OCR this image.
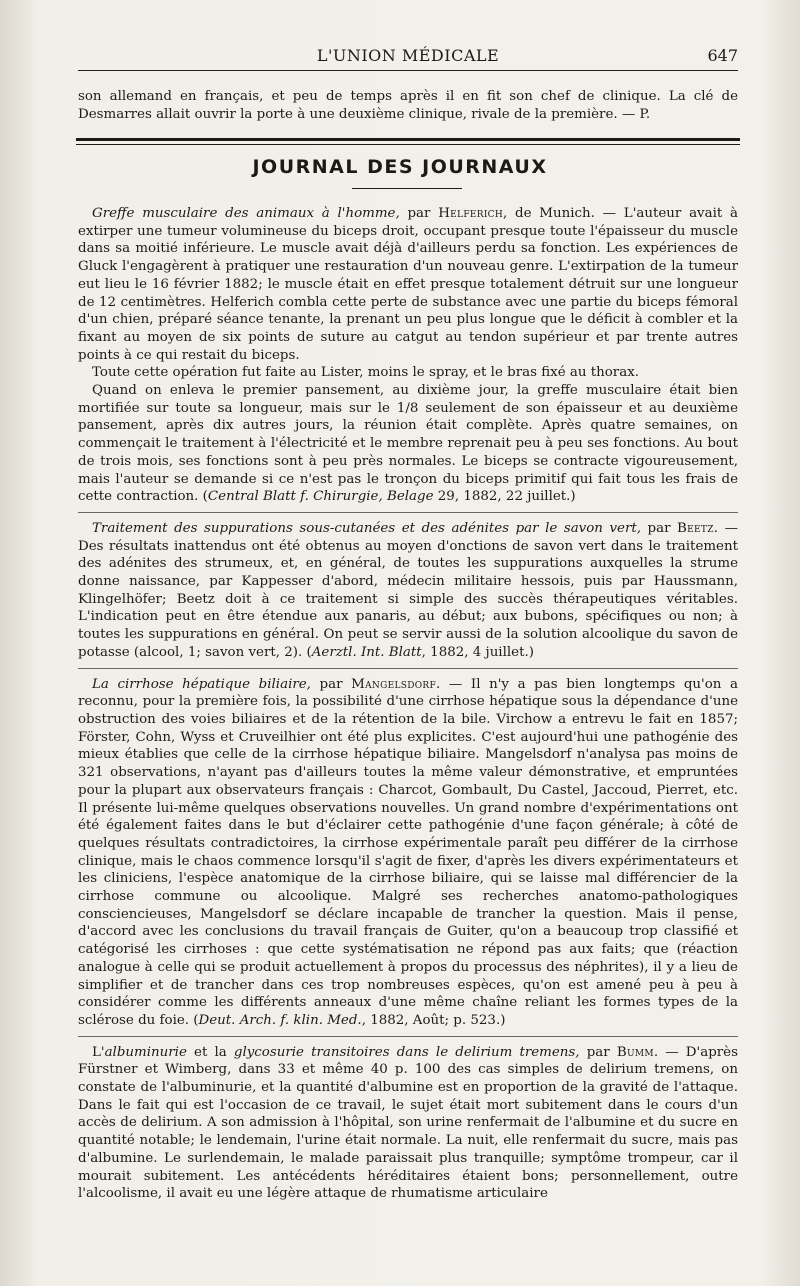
L'UNION MÉDICALE	647

son allemand en français, et peu de temps après il en fit son chef de clinique. La clé de Desmarres allait ouvrir la porte à une deuxième clinique, rivale de la première. — P.

JOURNAL DES JOURNAUX

Greffe musculaire des animaux à l'homme, par Helferich, de Munich. — L'auteur avait à extirper une tumeur volumineuse du biceps droit, occupant presque toute l'épaisseur du muscle dans sa moitié inférieure. Le muscle avait déjà d'ailleurs perdu sa fonction. Les expériences de Gluck l'engagèrent à pratiquer une restauration d'un nouveau genre. L'extirpation de la tumeur eut lieu le 16 février 1882; le muscle était en effet presque totalement détruit sur une longueur de 12 centimètres. Helferich combla cette perte de substance avec une partie du biceps fémoral d'un chien, préparé séance tenante, la prenant un peu plus longue que le déficit à combler et la fixant au moyen de six points de suture au catgut au tendon supérieur et par trente autres points à ce qui restait du biceps.

Toute cette opération fut faite au Lister, moins le spray, et le bras fixé au thorax.

Quand on enleva le premier pansement, au dixième jour, la greffe musculaire était bien mortifiée sur toute sa longueur, mais sur le 1/8 seulement de son épaisseur et au deuxième pansement, après dix autres jours, la réunion était complète. Après quatre semaines, on commençait le traitement à l'électricité et le membre reprenait peu à peu ses fonctions. Au bout de trois mois, ses fonctions sont à peu près normales. Le biceps se contracte vigoureusement, mais l'auteur se demande si ce n'est pas le tronçon du biceps primitif qui fait tous les frais de cette contraction. (Central Blatt f. Chirurgie, Belage 29, 1882, 22 juillet.)

Traitement des suppurations sous-cutanées et des adénites par le savon vert, par Beetz. — Des résultats inattendus ont été obtenus au moyen d'onctions de savon vert dans le traitement des adénites des strumeux, et, en général, de toutes les suppurations auxquelles la strume donne naissance, par Kappesser d'abord, médecin militaire hessois, puis par Haussmann, Klingelhöfer; Beetz doit à ce traitement si simple des succès thérapeutiques véritables. L'indication peut en être étendue aux panaris, au début; aux bubons, spécifiques ou non; à toutes les suppurations en général. On peut se servir aussi de la solution alcoolique du savon de potasse (alcool, 1; savon vert, 2). (Aerztl. Int. Blatt, 1882, 4 juillet.)

La cirrhose hépatique biliaire, par Mangelsdorf. — Il n'y a pas bien longtemps qu'on a reconnu, pour la première fois, la possibilité d'une cirrhose hépatique sous la dépendance d'une obstruction des voies biliaires et de la rétention de la bile. Virchow a entrevu le fait en 1857; Förster, Cohn, Wyss et Cruveilhier ont été plus explicites. C'est aujourd'hui une pathogénie des mieux établies que celle de la cirrhose hépatique biliaire. Mangelsdorf n'analysa pas moins de 321 observations, n'ayant pas d'ailleurs toutes la même valeur démonstrative, et empruntées pour la plupart aux observateurs français : Charcot, Gombault, Du Castel, Jaccoud, Pierret, etc. Il présente lui-même quelques observations nouvelles. Un grand nombre d'expérimentations ont été également faites dans le but d'éclairer cette pathogénie d'une façon générale; à côté de quelques résultats contradictoires, la cirrhose expérimentale paraît peu différer de la cirrhose clinique, mais le chaos commence lorsqu'il s'agit de fixer, d'après les divers expérimentateurs et les cliniciens, l'espèce anatomique de la cirrhose biliaire, qui se laisse mal différencier de la cirrhose commune ou alcoolique. Malgré ses recherches anatomo-pathologiques consciencieuses, Mangelsdorf se déclare incapable de trancher la question. Mais il pense, d'accord avec les conclusions du travail français de Guiter, qu'on a beaucoup trop classifié et catégorisé les cirrhoses : que cette systématisation ne répond pas aux faits; que (réaction analogue à celle qui se produit actuellement à propos du processus des néphrites), il y a lieu de simplifier et de trancher dans ces trop nombreuses espèces, qu'on est amené peu à peu à considérer comme les différents anneaux d'une même chaîne reliant les formes types de la sclérose du foie. (Deut. Arch. f. klin. Med., 1882, Août; p. 523.)

L'albuminurie et la glycosurie transitoires dans le delirium tremens, par Bumm. — D'après Fürstner et Wimberg, dans 33 et même 40 p. 100 des cas simples de delirium tremens, on constate de l'albuminurie, et la quantité d'albumine est en proportion de la gravité de l'attaque. Dans le fait qui est l'occasion de ce travail, le sujet était mort subitement dans le cours d'un accès de delirium. A son admission à l'hôpital, son urine renfermait de l'albumine et du sucre en quantité notable; le lendemain, l'urine était normale. La nuit, elle renfermait du sucre, mais pas d'albumine. Le surlendemain, le malade paraissait plus tranquille; symptôme trompeur, car il mourait subitement. Les antécédents héréditaires étaient bons; personnellement, outre l'alcoolisme, il avait eu une légère attaque de rhumatisme articulaire
